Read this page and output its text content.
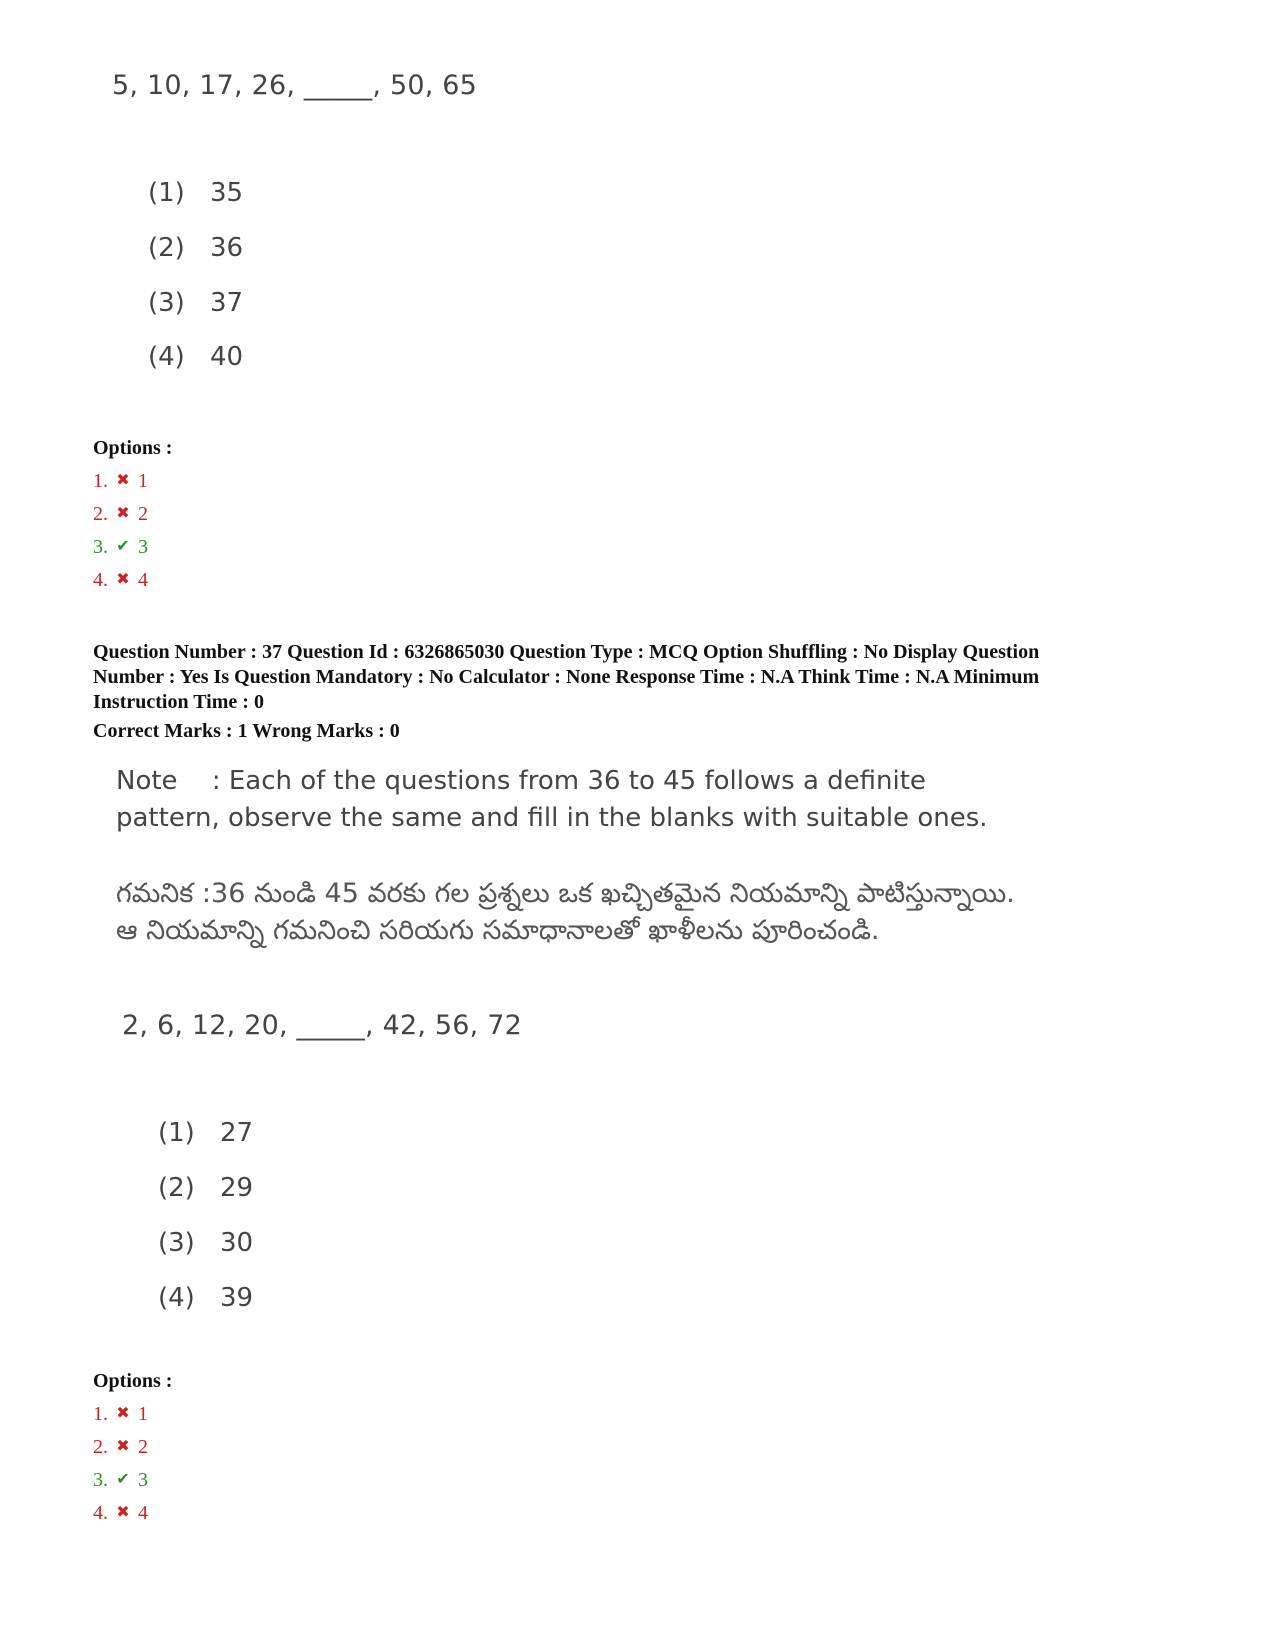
5, 10, 17, 26, _____, 50, 65
(1) 35
(2) 36
(3) 37
(4) 40
Options :
1. ✖ 1
2. ✖ 2
3. ✔ 3
4. ✖ 4
Question Number : 37 Question Id : 6326865030 Question Type : MCQ Option Shuffling : No Display Question
Number : Yes Is Question Mandatory : No Calculator : None Response Time : N.A Think Time : N.A Minimum
Instruction Time : 0
Correct Marks : 1 Wrong Marks : 0
Note : Each of the questions from 36 to 45 follows a definite pattern, observe the same and fill in the blanks with suitable ones.
గమనిక :36 నుండి 45 వరకు గల ప్రశ్నలు ఒక ఖచ్చితమైన నియమాన్ని పాటిస్తున్నాయి. ఆ నియమాన్ని గమనించి సరియగు సమాధానాలతో ఖాళీలను పూరించండి.
2, 6, 12, 20, _____, 42, 56, 72
(1) 27
(2) 29
(3) 30
(4) 39
Options :
1. ✖ 1
2. ✖ 2
3. ✔ 3
4. ✖ 4
